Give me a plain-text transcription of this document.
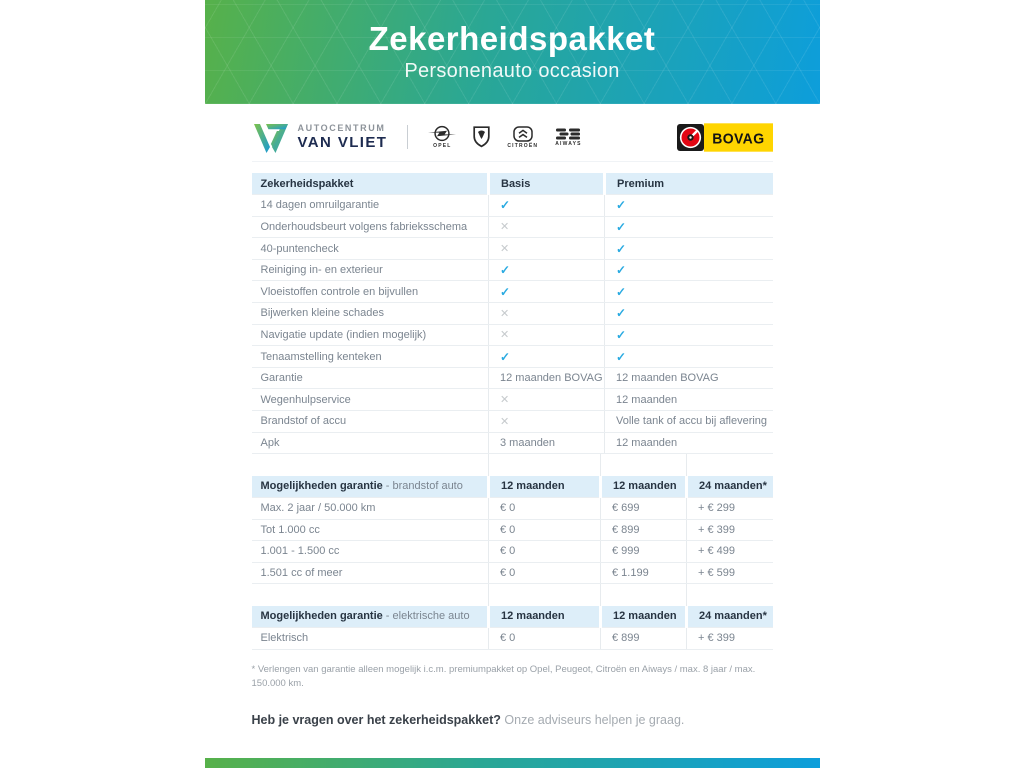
Zekerheidspakket
Personenauto occasion
AUTOCENTRUM
VAN VLIET	OPEL	CITROËN	AIWAYS	BOVAG
Zekerheidspakket	Basis	Premium
14 dagen omruilgarantie	✓	✓
Onderhoudsbeurt volgens fabrieksschema	✕	✓
40-puntencheck	✕	✓
Reiniging in- en exterieur	✓	✓
Vloeistoffen controle en bijvullen	✓	✓
Bijwerken kleine schades	✕	✓
Navigatie update (indien mogelijk)	✕	✓
Tenaamstelling kenteken	✓	✓
Garantie	12 maanden BOVAG	12 maanden BOVAG
Wegenhulpservice	✕	12 maanden
Brandstof of accu	✕	Volle tank of accu bij aflevering
Apk	3 maanden	12 maanden

Mogelijkheden garantie - brandstof auto	12 maanden	12 maanden	24 maanden*
Max. 2 jaar / 50.000 km	€ 0	€ 699	+ € 299
Tot 1.000 cc	€ 0	€ 899	+ € 399
1.001 - 1.500 cc	€ 0	€ 999	+ € 499
1.501 cc of meer	€ 0	€ 1.199	+ € 599

Mogelijkheden garantie - elektrische auto	12 maanden	12 maanden	24 maanden*
Elektrisch	€ 0	€ 899	+ € 399

* Verlengen van garantie alleen mogelijk i.c.m. premiumpakket op Opel, Peugeot, Citroën en Aiways / max. 8 jaar / max. 150.000 km.

Heb je vragen over het zekerheidspakket? Onze adviseurs helpen je graag.
